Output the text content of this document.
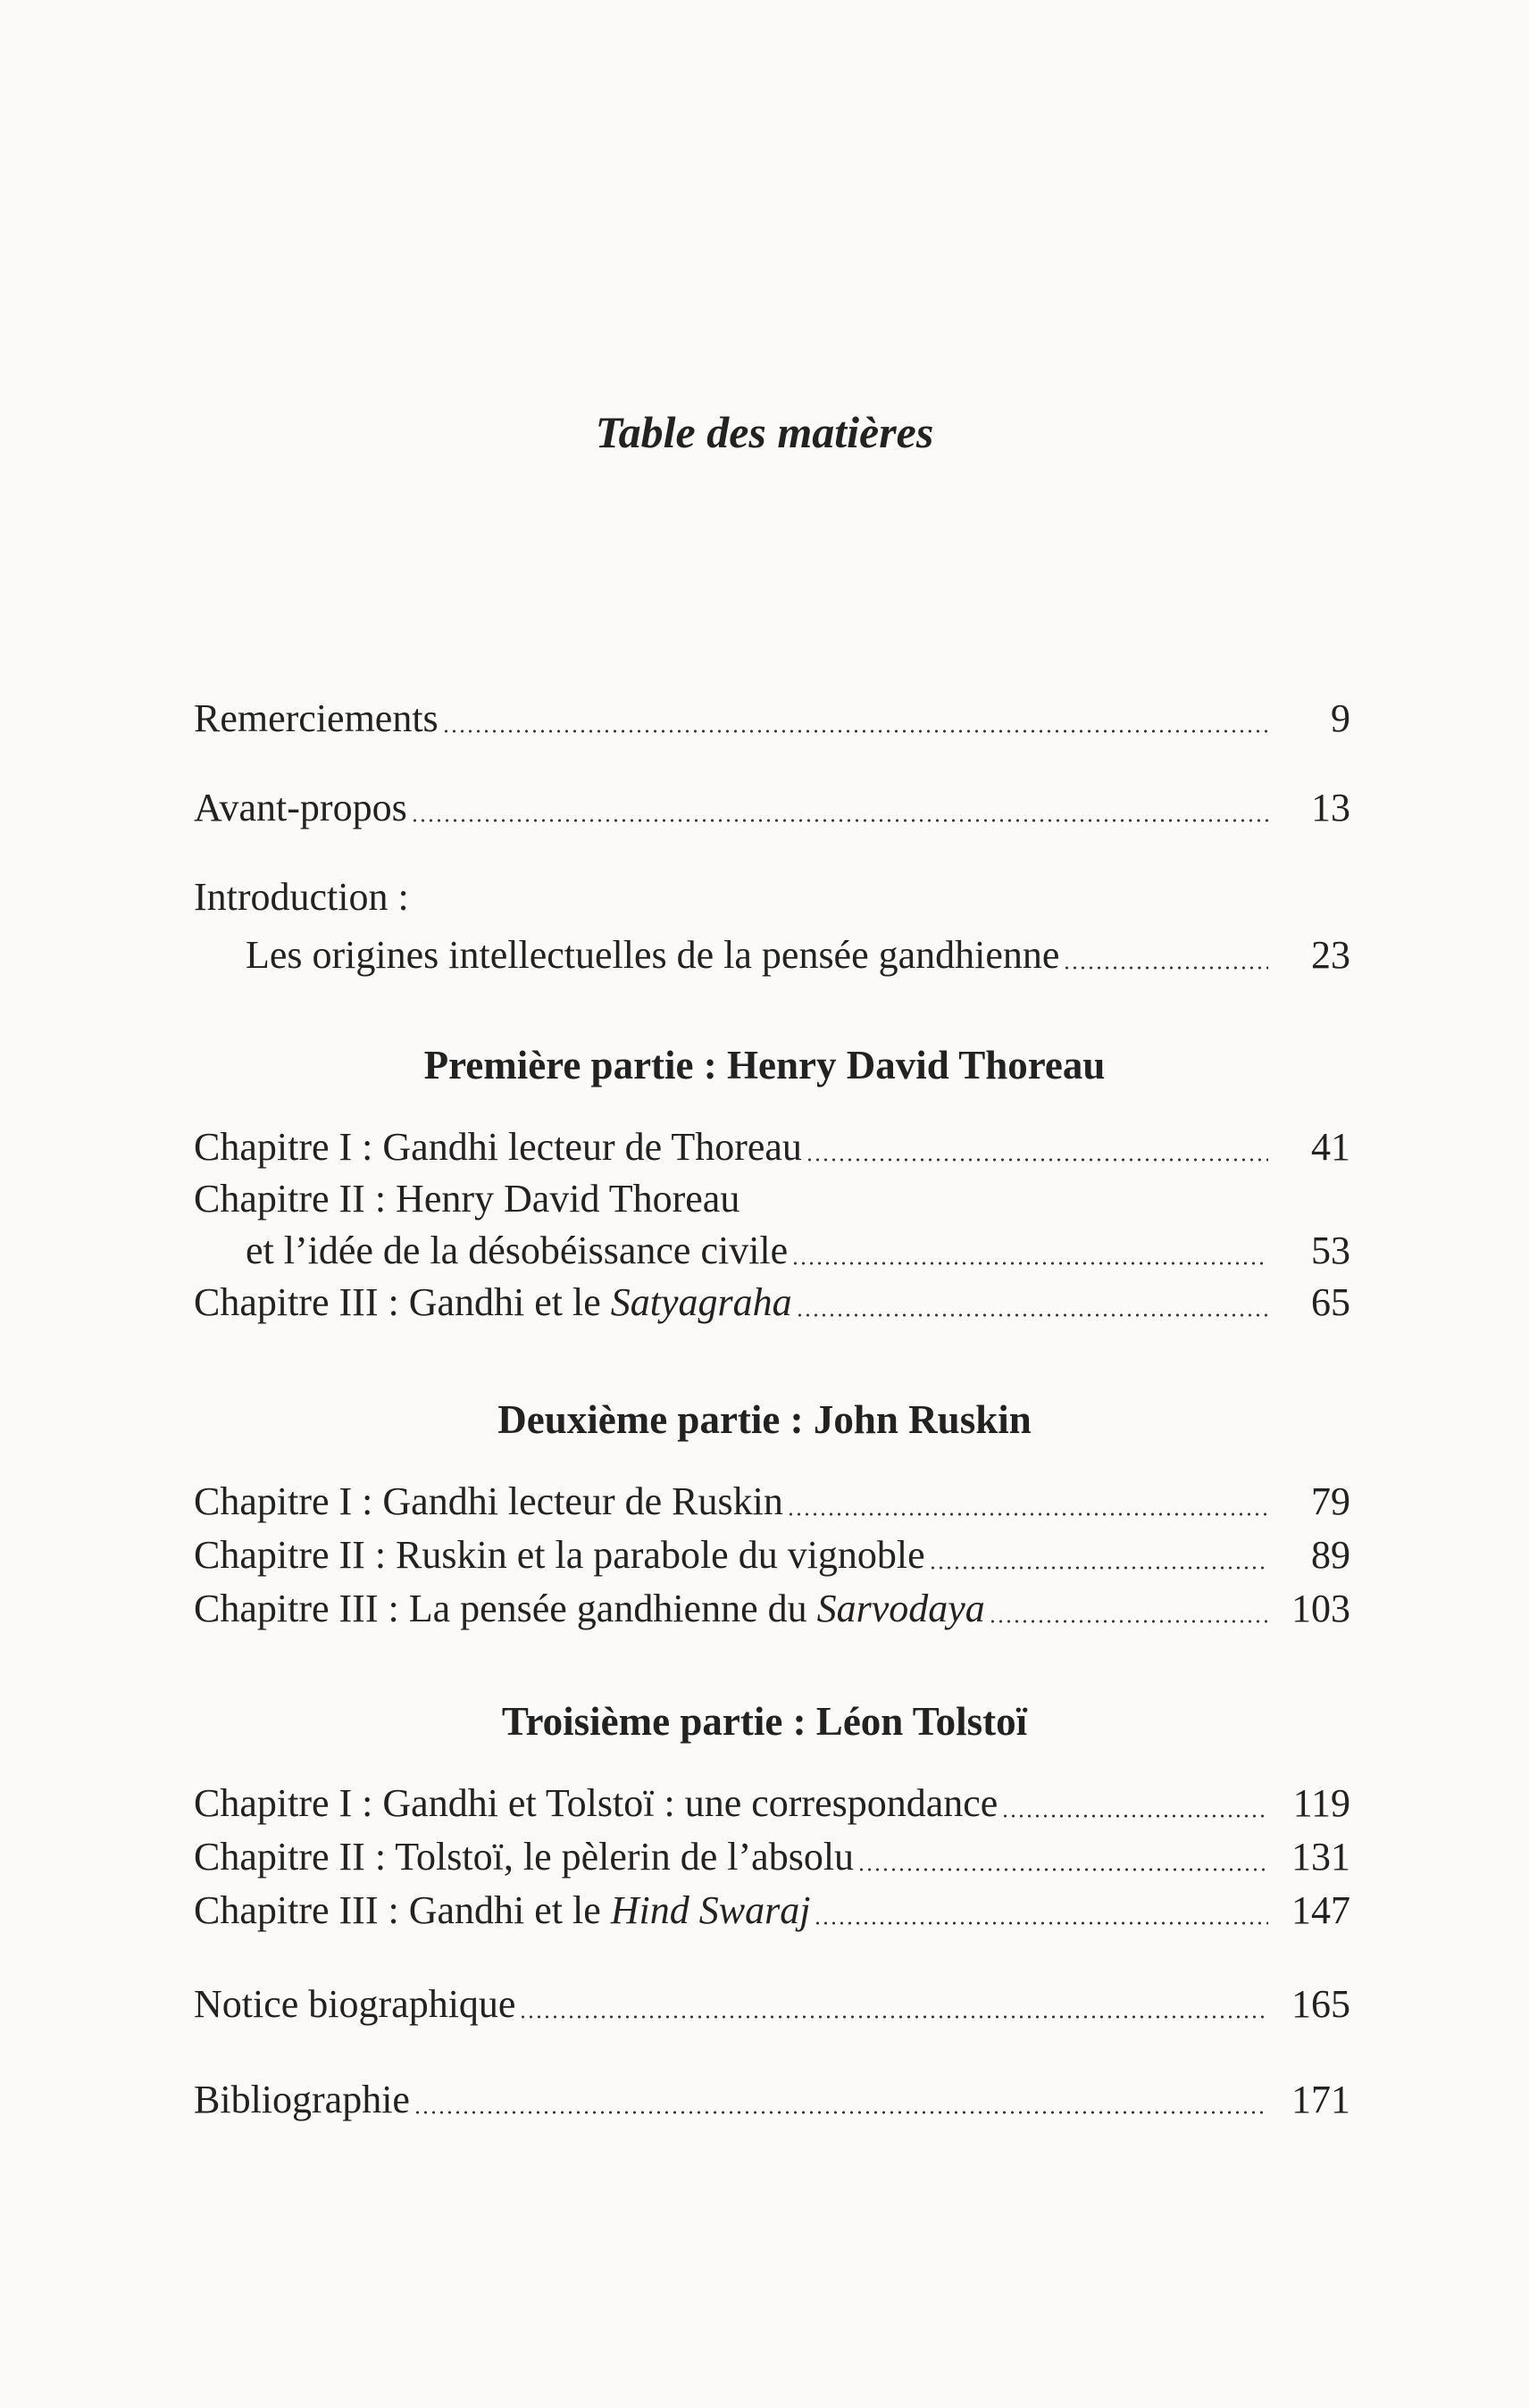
Table des matières
Remerciements	9
Avant-propos	13
Introduction :
Les origines intellectuelles de la pensée gandhienne	23
Première partie : Henry David Thoreau
Chapitre I : Gandhi lecteur de Thoreau	41
Chapitre II : Henry David Thoreau
et l’idée de la désobéissance civile	53
Chapitre III : Gandhi et le Satyagraha	65
Deuxième partie : John Ruskin
Chapitre I : Gandhi lecteur de Ruskin	79
Chapitre II : Ruskin et la parabole du vignoble	89
Chapitre III : La pensée gandhienne du Sarvodaya	103
Troisième partie : Léon Tolstoï
Chapitre I : Gandhi et Tolstoï : une correspondance	119
Chapitre II : Tolstoï, le pèlerin de l’absolu	131
Chapitre III : Gandhi et le Hind Swaraj	147
Notice biographique	165
Bibliographie	171
